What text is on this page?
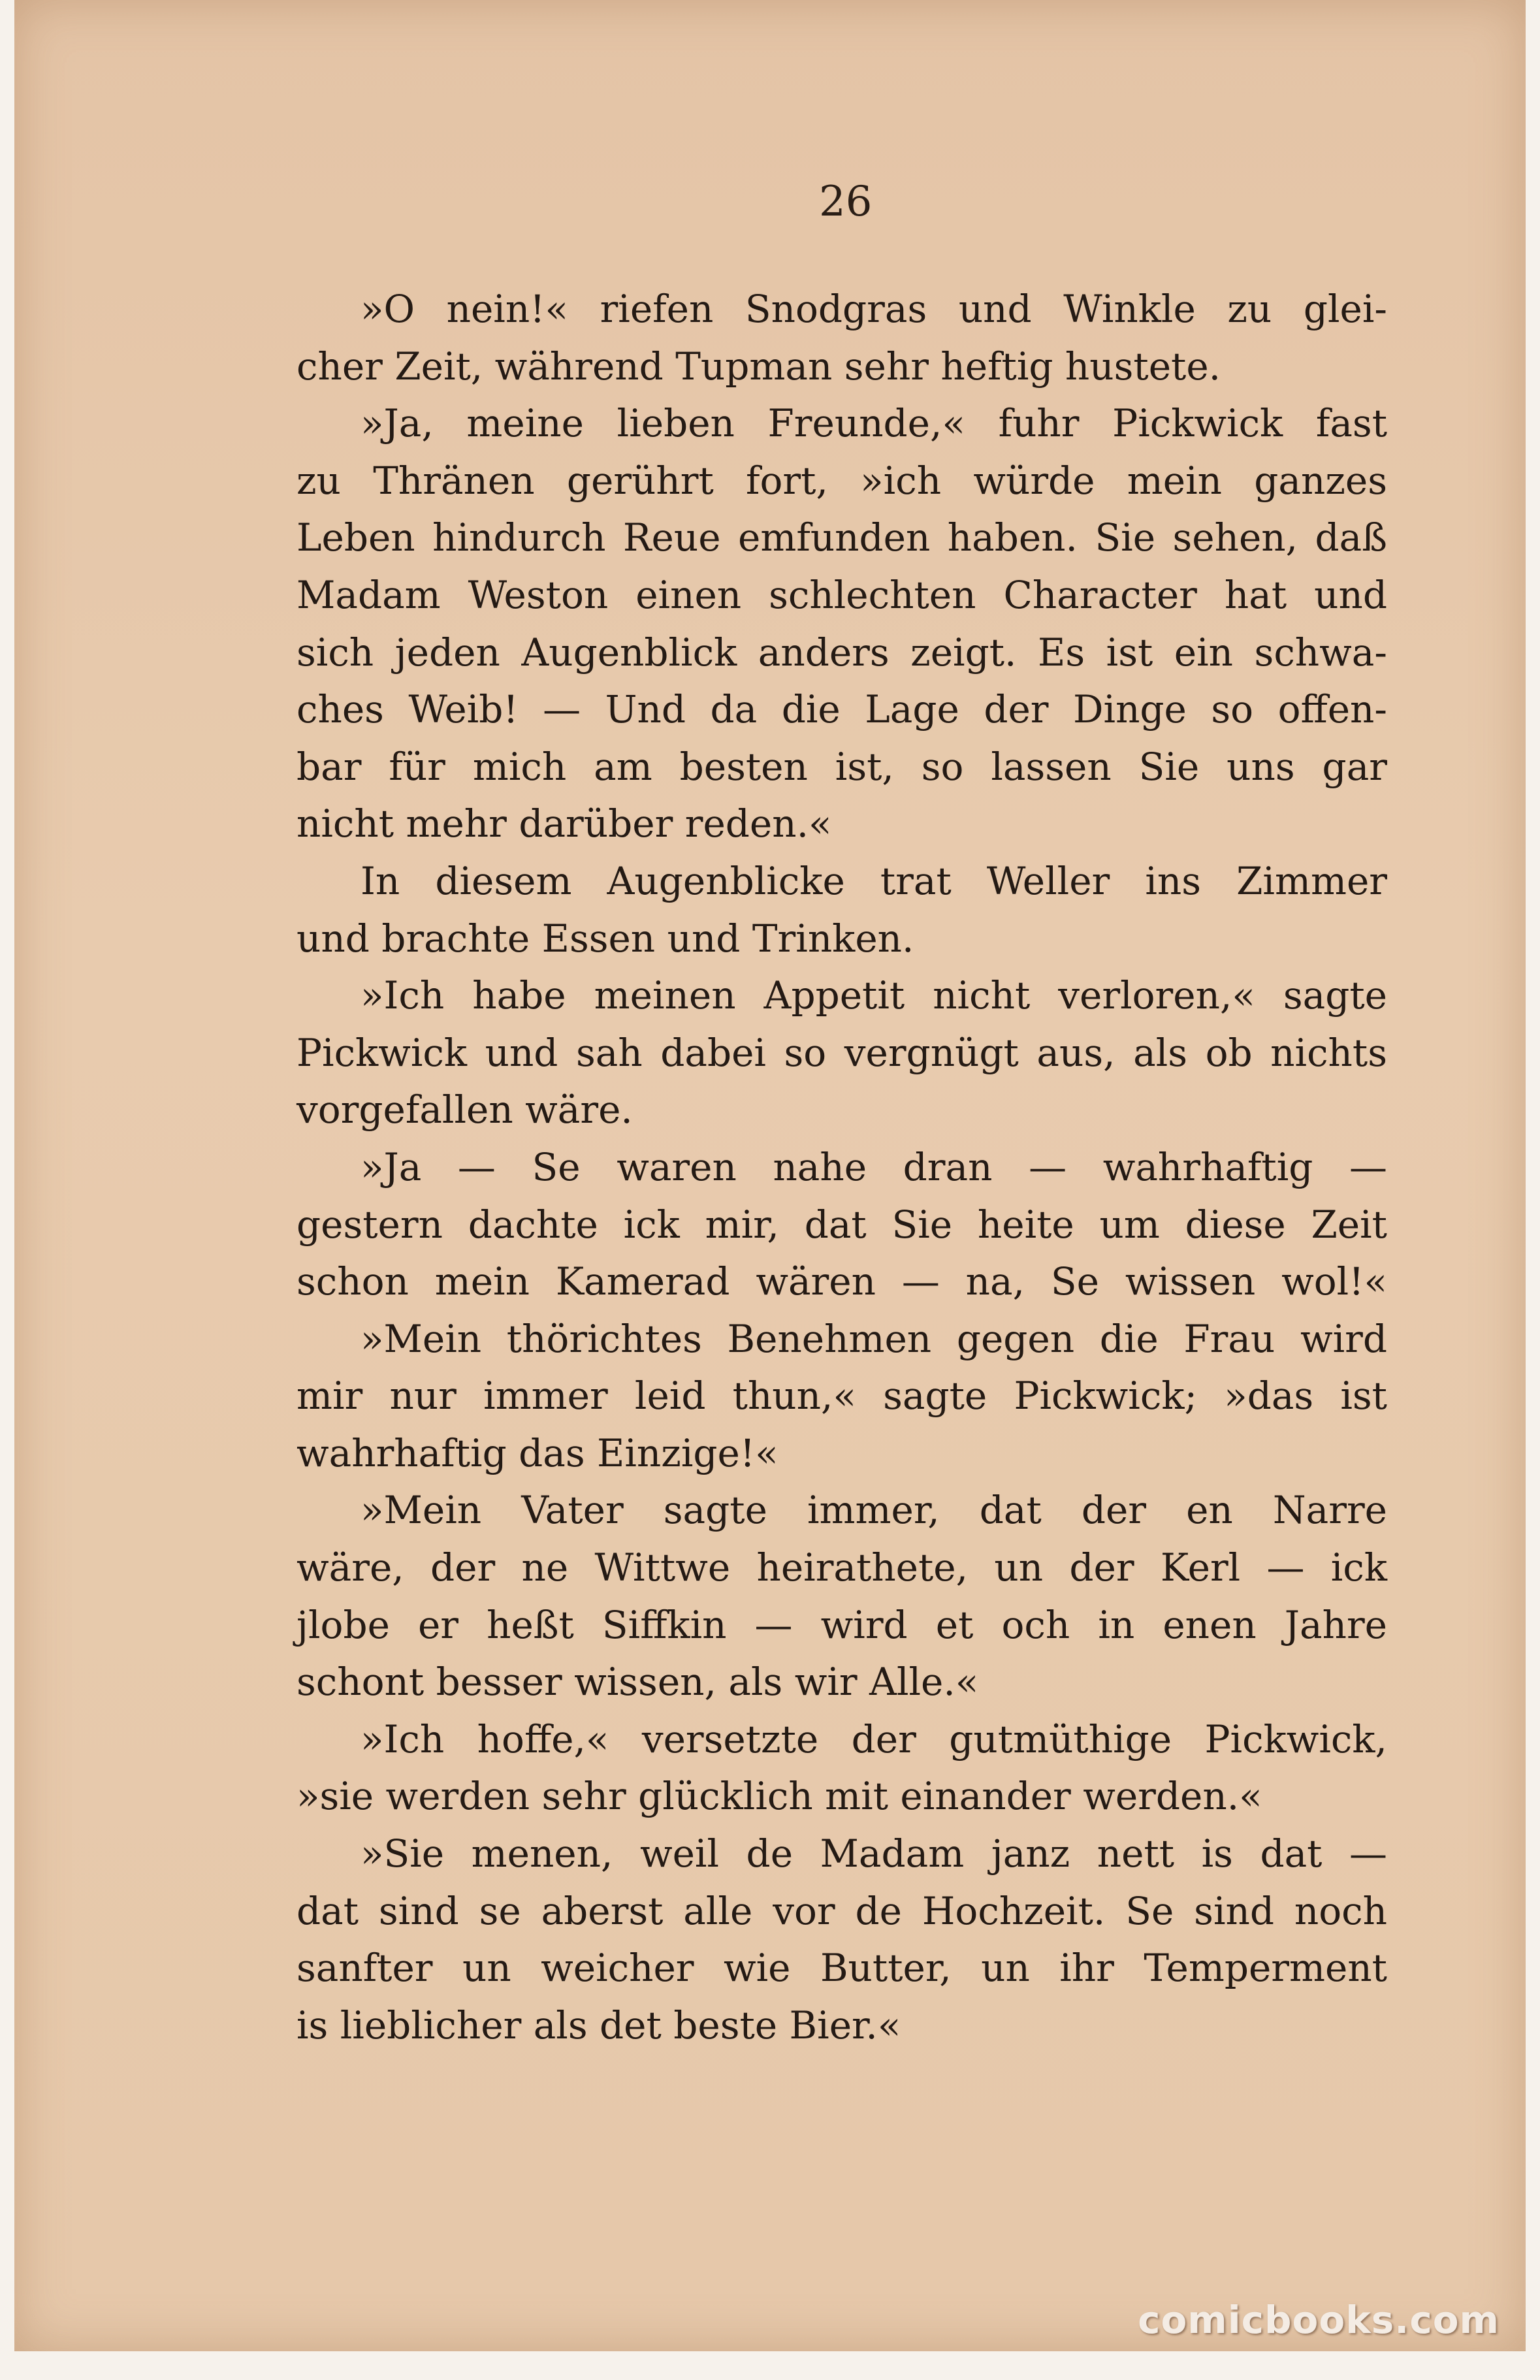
26
»O nein!« riefen Snodgras und Winkle zu glei-
cher Zeit, während Tupman sehr heftig hustete.
»Ja, meine lieben Freunde,« fuhr Pickwick fast
zu Thränen gerührt fort, »ich würde mein ganzes
Leben hindurch Reue emfunden haben. Sie sehen, daß
Madam Weston einen schlechten Character hat und
sich jeden Augenblick anders zeigt. Es ist ein schwa-
ches Weib! — Und da die Lage der Dinge so offen-
bar für mich am besten ist, so lassen Sie uns gar
nicht mehr darüber reden.«
In diesem Augenblicke trat Weller ins Zimmer
und brachte Essen und Trinken.
»Ich habe meinen Appetit nicht verloren,« sagte
Pickwick und sah dabei so vergnügt aus, als ob nichts
vorgefallen wäre.
»Ja — Se waren nahe dran — wahrhaftig —
gestern dachte ick mir, dat Sie heite um diese Zeit
schon mein Kamerad wären — na, Se wissen wol!«
»Mein thörichtes Benehmen gegen die Frau wird
mir nur immer leid thun,« sagte Pickwick; »das ist
wahrhaftig das Einzige!«
»Mein Vater sagte immer, dat der en Narre
wäre, der ne Wittwe heirathete, un der Kerl — ick
jlobe er heßt Siffkin — wird et och in enen Jahre
schont besser wissen, als wir Alle.«
»Ich hoffe,« versetzte der gutmüthige Pickwick,
»sie werden sehr glücklich mit einander werden.«
»Sie menen, weil de Madam janz nett is dat —
dat sind se aberst alle vor de Hochzeit. Se sind noch
sanfter un weicher wie Butter, un ihr Temperment
is lieblicher als det beste Bier.«
comicbooks.com
